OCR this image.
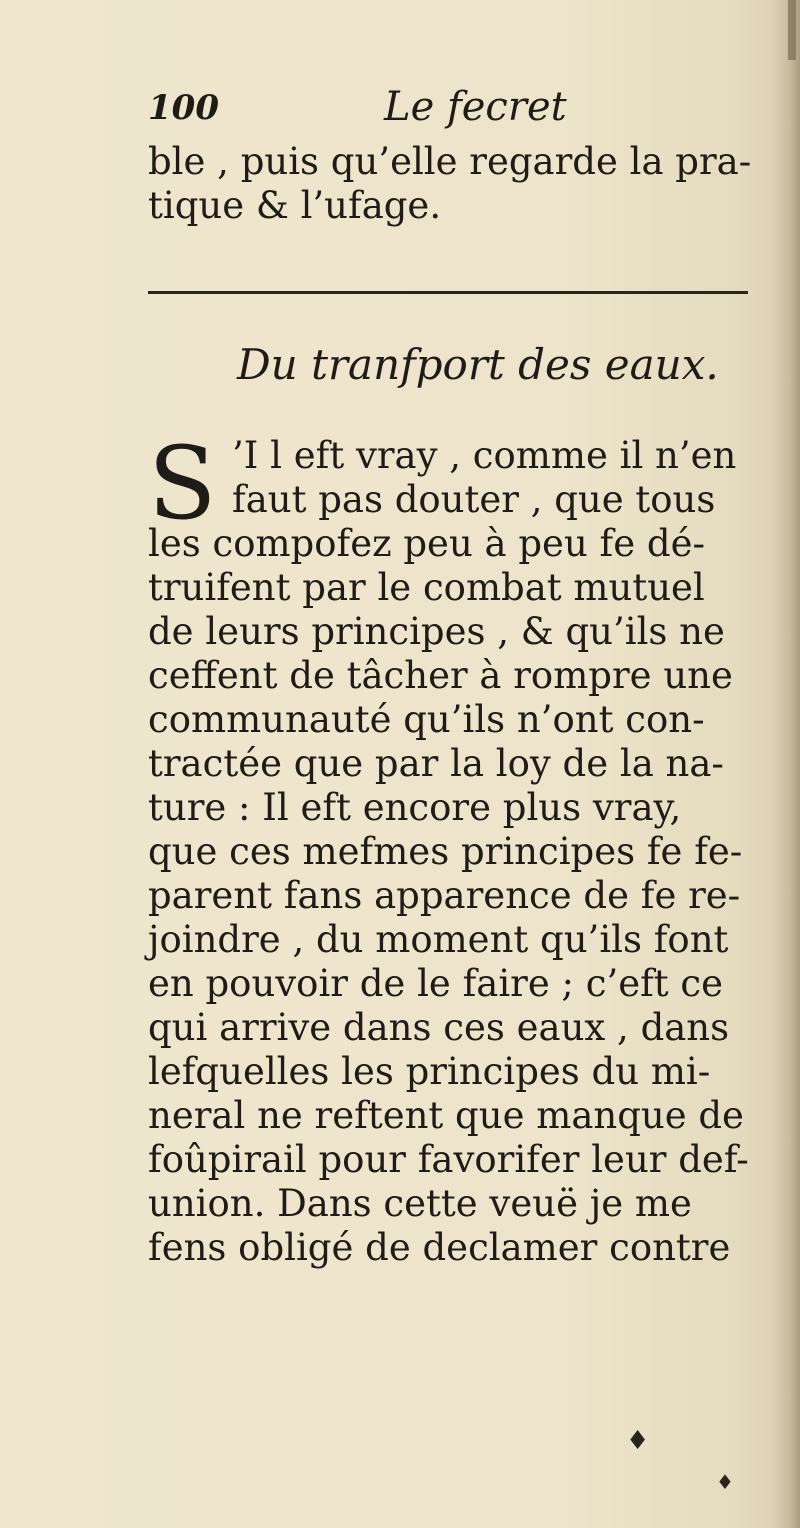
100	Le fecret
ble , puis qu’elle regarde la pra-
tique & l’ufage.
Du tranfport des eaux.
S ’I l eft vray , comme il n’en
faut pas douter , que tous
les compofez peu à peu fe dé-
truifent par le combat mutuel
de leurs principes , & qu’ils ne
ceffent de tâcher à rompre une
communauté qu’ils n’ont con-
tractée que par la loy de la na-
ture : Il eft encore plus vray,
que ces mefmes principes fe fe-
parent fans apparence de fe re-
joindre , du moment qu’ils font
en pouvoir de le faire ; c’eft ce
qui arrive dans ces eaux , dans
lefquelles les principes du mi-
neral ne reftent que manque de
foûpirail pour favorifer leur def-
union. Dans cette veuë je me
fens obligé de declamer contre
♦
♦
